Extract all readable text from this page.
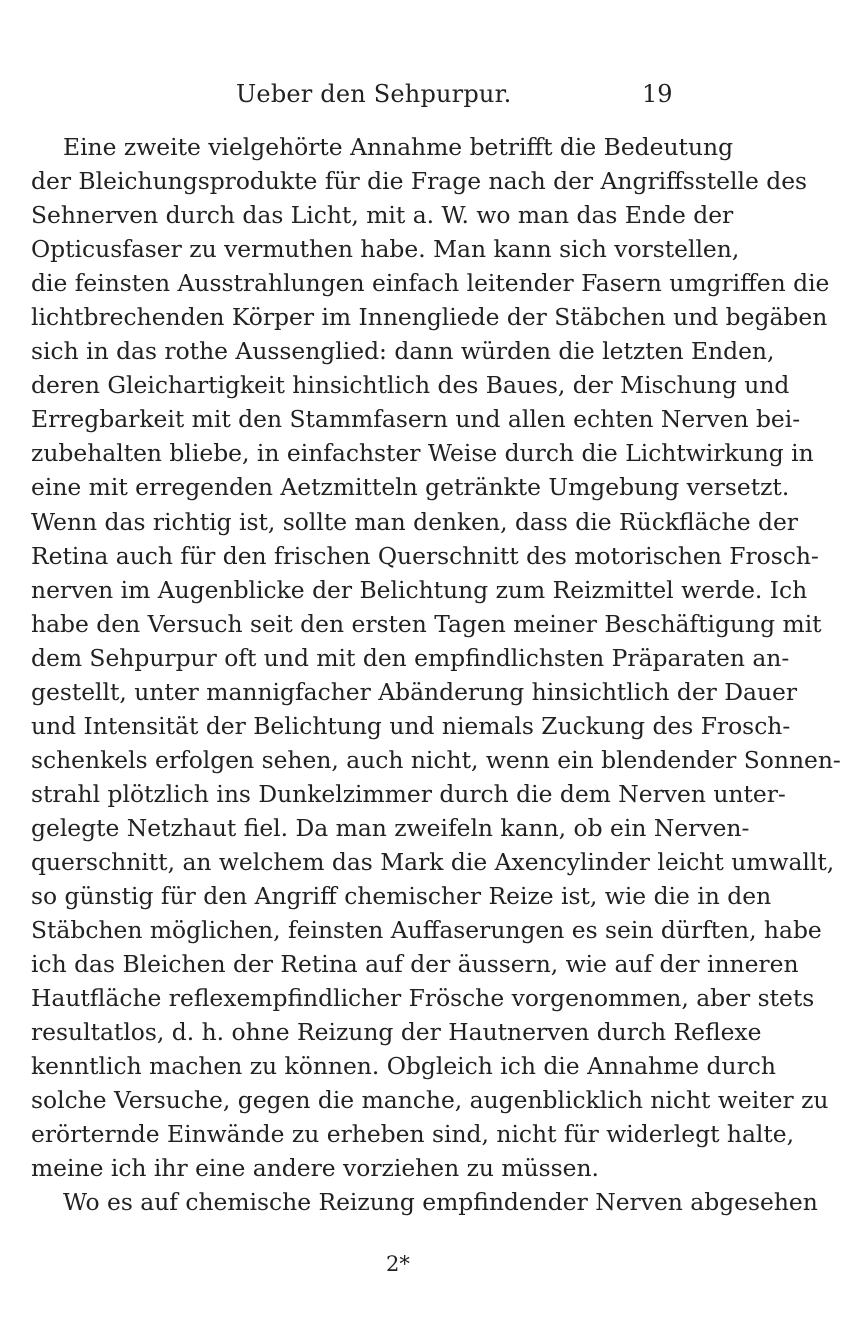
Ueber den Sehpurpur.	19
Eine zweite vielgehörte Annahme betrifft die Bedeutung
der Bleichungsprodukte für die Frage nach der Angriffsstelle des
Sehnerven durch das Licht, mit a. W. wo man das Ende der
Opticusfaser zu vermuthen habe. Man kann sich vorstellen,
die feinsten Ausstrahlungen einfach leitender Fasern umgriffen die
lichtbrechenden Körper im Innengliede der Stäbchen und begäben
sich in das rothe Aussenglied: dann würden die letzten Enden,
deren Gleichartigkeit hinsichtlich des Baues, der Mischung und
Erregbarkeit mit den Stammfasern und allen echten Nerven bei-
zubehalten bliebe, in einfachster Weise durch die Lichtwirkung in
eine mit erregenden Aetzmitteln getränkte Umgebung versetzt.
Wenn das richtig ist, sollte man denken, dass die Rückfläche der
Retina auch für den frischen Querschnitt des motorischen Frosch-
nerven im Augenblicke der Belichtung zum Reizmittel werde. Ich
habe den Versuch seit den ersten Tagen meiner Beschäftigung mit
dem Sehpurpur oft und mit den empfindlichsten Präparaten an-
gestellt, unter mannigfacher Abänderung hinsichtlich der Dauer
und Intensität der Belichtung und niemals Zuckung des Frosch-
schenkels erfolgen sehen, auch nicht, wenn ein blendender Sonnen-
strahl plötzlich ins Dunkelzimmer durch die dem Nerven unter-
gelegte Netzhaut fiel. Da man zweifeln kann, ob ein Nerven-
querschnitt, an welchem das Mark die Axencylinder leicht umwallt,
so günstig für den Angriff chemischer Reize ist, wie die in den
Stäbchen möglichen, feinsten Auffaserungen es sein dürften, habe
ich das Bleichen der Retina auf der äussern, wie auf der inneren
Hautfläche reflexempfindlicher Frösche vorgenommen, aber stets
resultatlos, d. h. ohne Reizung der Hautnerven durch Reflexe
kenntlich machen zu können. Obgleich ich die Annahme durch
solche Versuche, gegen die manche, augenblicklich nicht weiter zu
erörternde Einwände zu erheben sind, nicht für widerlegt halte,
meine ich ihr eine andere vorziehen zu müssen.
Wo es auf chemische Reizung empfindender Nerven abgesehen
2*
